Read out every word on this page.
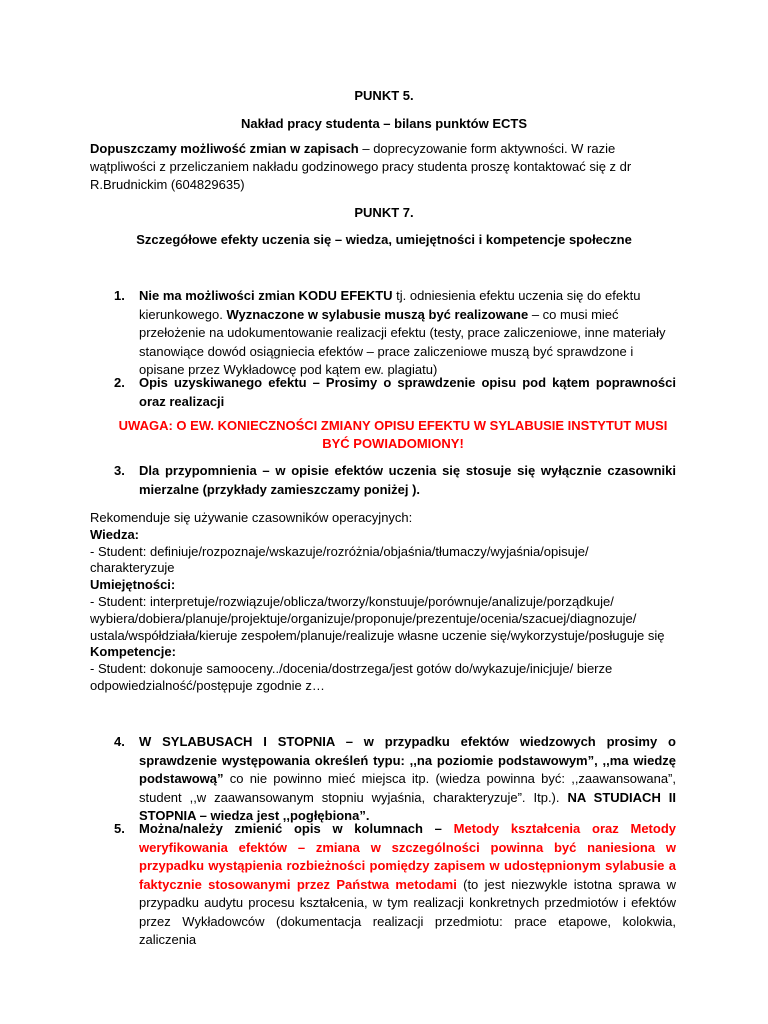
PUNKT 5.

Nakład pracy studenta – bilans punktów ECTS

Dopuszczamy możliwość zmian w zapisach – doprecyzowanie form aktywności. W razie wątpliwości z przeliczaniem nakładu godzinowego pracy studenta proszę kontaktować się z dr R.Brudnickim (604829635)

PUNKT 7.

Szczegółowe efekty uczenia się – wiedza, umiejętności i kompetencje społeczne

1. Nie ma możliwości zmian KODU EFEKTU tj. odniesienia efektu uczenia się do efektu kierunkowego. Wyznaczone w sylabusie muszą być realizowane – co musi mieć przełożenie na udokumentowanie realizacji efektu (testy, prace zaliczeniowe, inne materiały stanowiące dowód osiągniecia efektów – prace zaliczeniowe muszą być sprawdzone i opisane przez Wykładowcę pod kątem ew. plagiatu)

2. Opis uzyskiwanego efektu – Prosimy o sprawdzenie opisu pod kątem poprawności oraz realizacji

UWAGA: O EW. KONIECZNOŚCI ZMIANY OPISU EFEKTU W SYLABUSIE INSTYTUT MUSI BYĆ POWIADOMIONY!

3. Dla przypomnienia – w opisie efektów uczenia się stosuje się wyłącznie czasowniki mierzalne (przykłady zamieszczamy poniżej ).

Rekomenduje się używanie czasowników operacyjnych:

Wiedza:

- Student: definiuje/rozpoznaje/wskazuje/rozróżnia/objaśnia/tłumaczy/wyjaśnia/opisuje/ charakteryzuje

Umiejętności:

- Student: interpretuje/rozwiązuje/oblicza/tworzy/konstuuje/porównuje/analizuje/porządkuje/ wybiera/dobiera/planuje/projektuje/organizuje/proponuje/prezentuje/ocenia/szacuej/diagnozuje/ ustala/współdziała/kieruje zespołem/planuje/realizuje własne uczenie się/wykorzystuje/posługuje się

Kompetencje:

- Student: dokonuje samooceny../docenia/dostrzega/jest gotów do/wykazuje/inicjuje/ bierze odpowiedzialność/postępuje zgodnie z…

4. W SYLABUSACH I STOPNIA – w przypadku efektów wiedzowych prosimy o sprawdzenie występowania określeń typu: ,,na poziomie podstawowym”, ,,ma wiedzę podstawową” co nie powinno mieć miejsca itp. (wiedza powinna być: ,,zaawansowana”, student ,,w zaawansowanym stopniu wyjaśnia, charakteryzuje”. Itp.). NA STUDIACH II STOPNIA – wiedza jest ,,pogłębiona”.

5. Można/należy zmienić opis w kolumnach – Metody kształcenia oraz Metody weryfikowania efektów – zmiana w szczególności powinna być naniesiona w przypadku wystąpienia rozbieżności pomiędzy zapisem w udostępnionym sylabusie a faktycznie stosowanymi przez Państwa metodami (to jest niezwykle istotna sprawa w przypadku audytu procesu kształcenia, w tym realizacji konkretnych przedmiotów i efektów przez Wykładowców (dokumentacja realizacji przedmiotu: prace etapowe, kolokwia, zaliczenia
